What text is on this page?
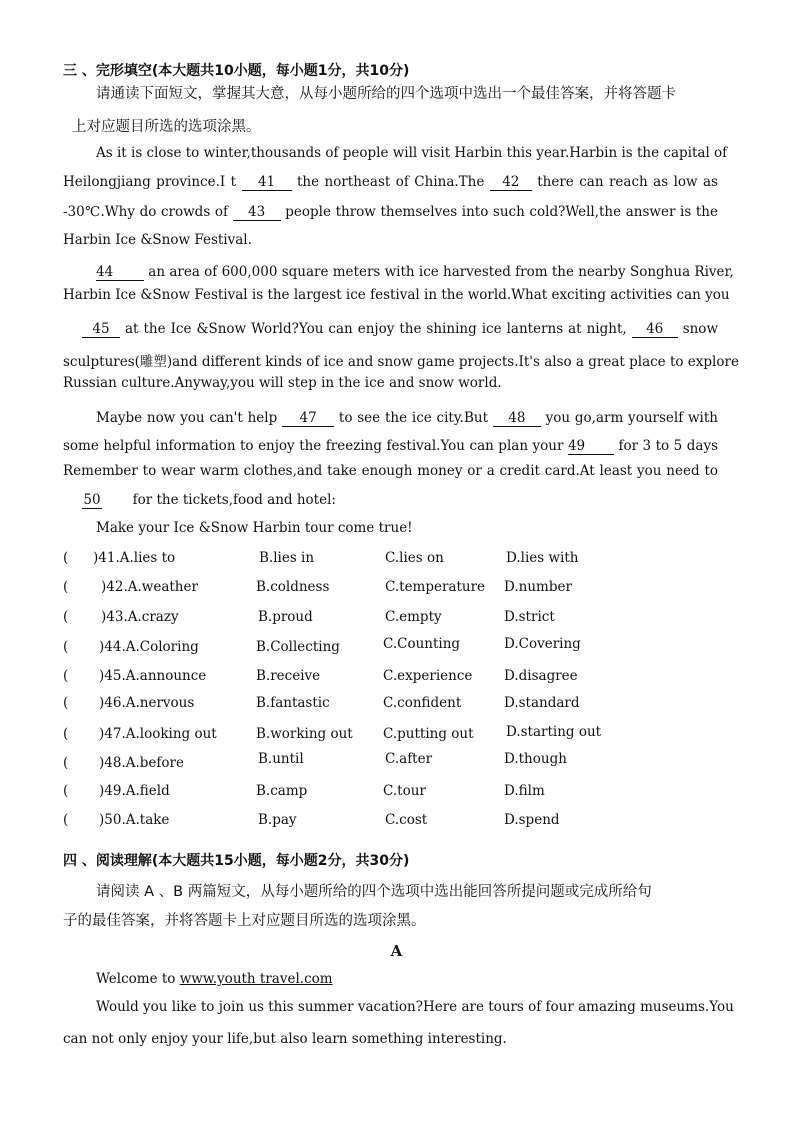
三 、完形填空(本大题共10小题，每小题1分，共10分)
请通读下面短文，掌握其大意，从每小题所给的四个选项中选出一个最佳答案，并将答题卡
上对应题目所选的选项涂黑。
As it is close to winter,thousands of people will visit Harbin this year.Harbin is the capital of
Heilongjiang province.I t 41 the northeast of China.The 42 there can reach as low as
-30℃.Why do crowds of 43 people throw themselves into such cold?Well,the answer is the
Harbin Ice &Snow Festival.
44	an area of 600,000 square meters with ice harvested from the nearby Songhua River,
Harbin Ice &Snow Festival is the largest ice festival in the world.What exciting activities can you
45 at the Ice &Snow World?You can enjoy the shining ice lanterns at night, 46 snow
sculptures(雕塑)and different kinds of ice and snow game projects.It's also a great place to explore
Russian culture.Anyway,you will step in the ice and snow world.
Maybe now you can't help 47 to see the ice city.But 48 you go,arm yourself with
some helpful information to enjoy the freezing festival.You can plan your 49 for 3 to 5 days
Remember to wear warm clothes,and take enough money or a credit card.At least you need to
50 for the tickets,food and hotel:
Make your Ice &Snow Harbin tour come true!
( )41.A.lies to	B.lies in	C.lies on	D.lies with
( )42.A.weather	B.coldness	C.temperature D.number
( )43.A.crazy	B.proud	C.empty	D.strict
( )44.A.Coloring	B.Collecting	C.Counting	D.Covering
( )45.A.announce	B.receive	C.experience D.disagree
( )46.A.nervous	B.fantastic	C.confident	D.standard
( )47.A.looking out	B.working out C.putting out D.starting out
( )48.A.before	B.until	C.after	D.though
( )49.A.field	B.camp	C.tour	D.film
( )50.A.take	B.pay	C.cost	D.spend
四 、阅读理解(本大题共15小题，每小题2分，共30分)
请阅读 A 、B 两篇短文，从每小题所给的四个选项中选出能回答所提问题或完成所给句
子的最佳答案，并将答题卡上对应题目所选的选项涂黑。
A
Welcome to www.youth travel.com
Would you like to join us this summer vacation?Here are tours of four amazing museums.You
can not only enjoy your life,but also learn something interesting.
